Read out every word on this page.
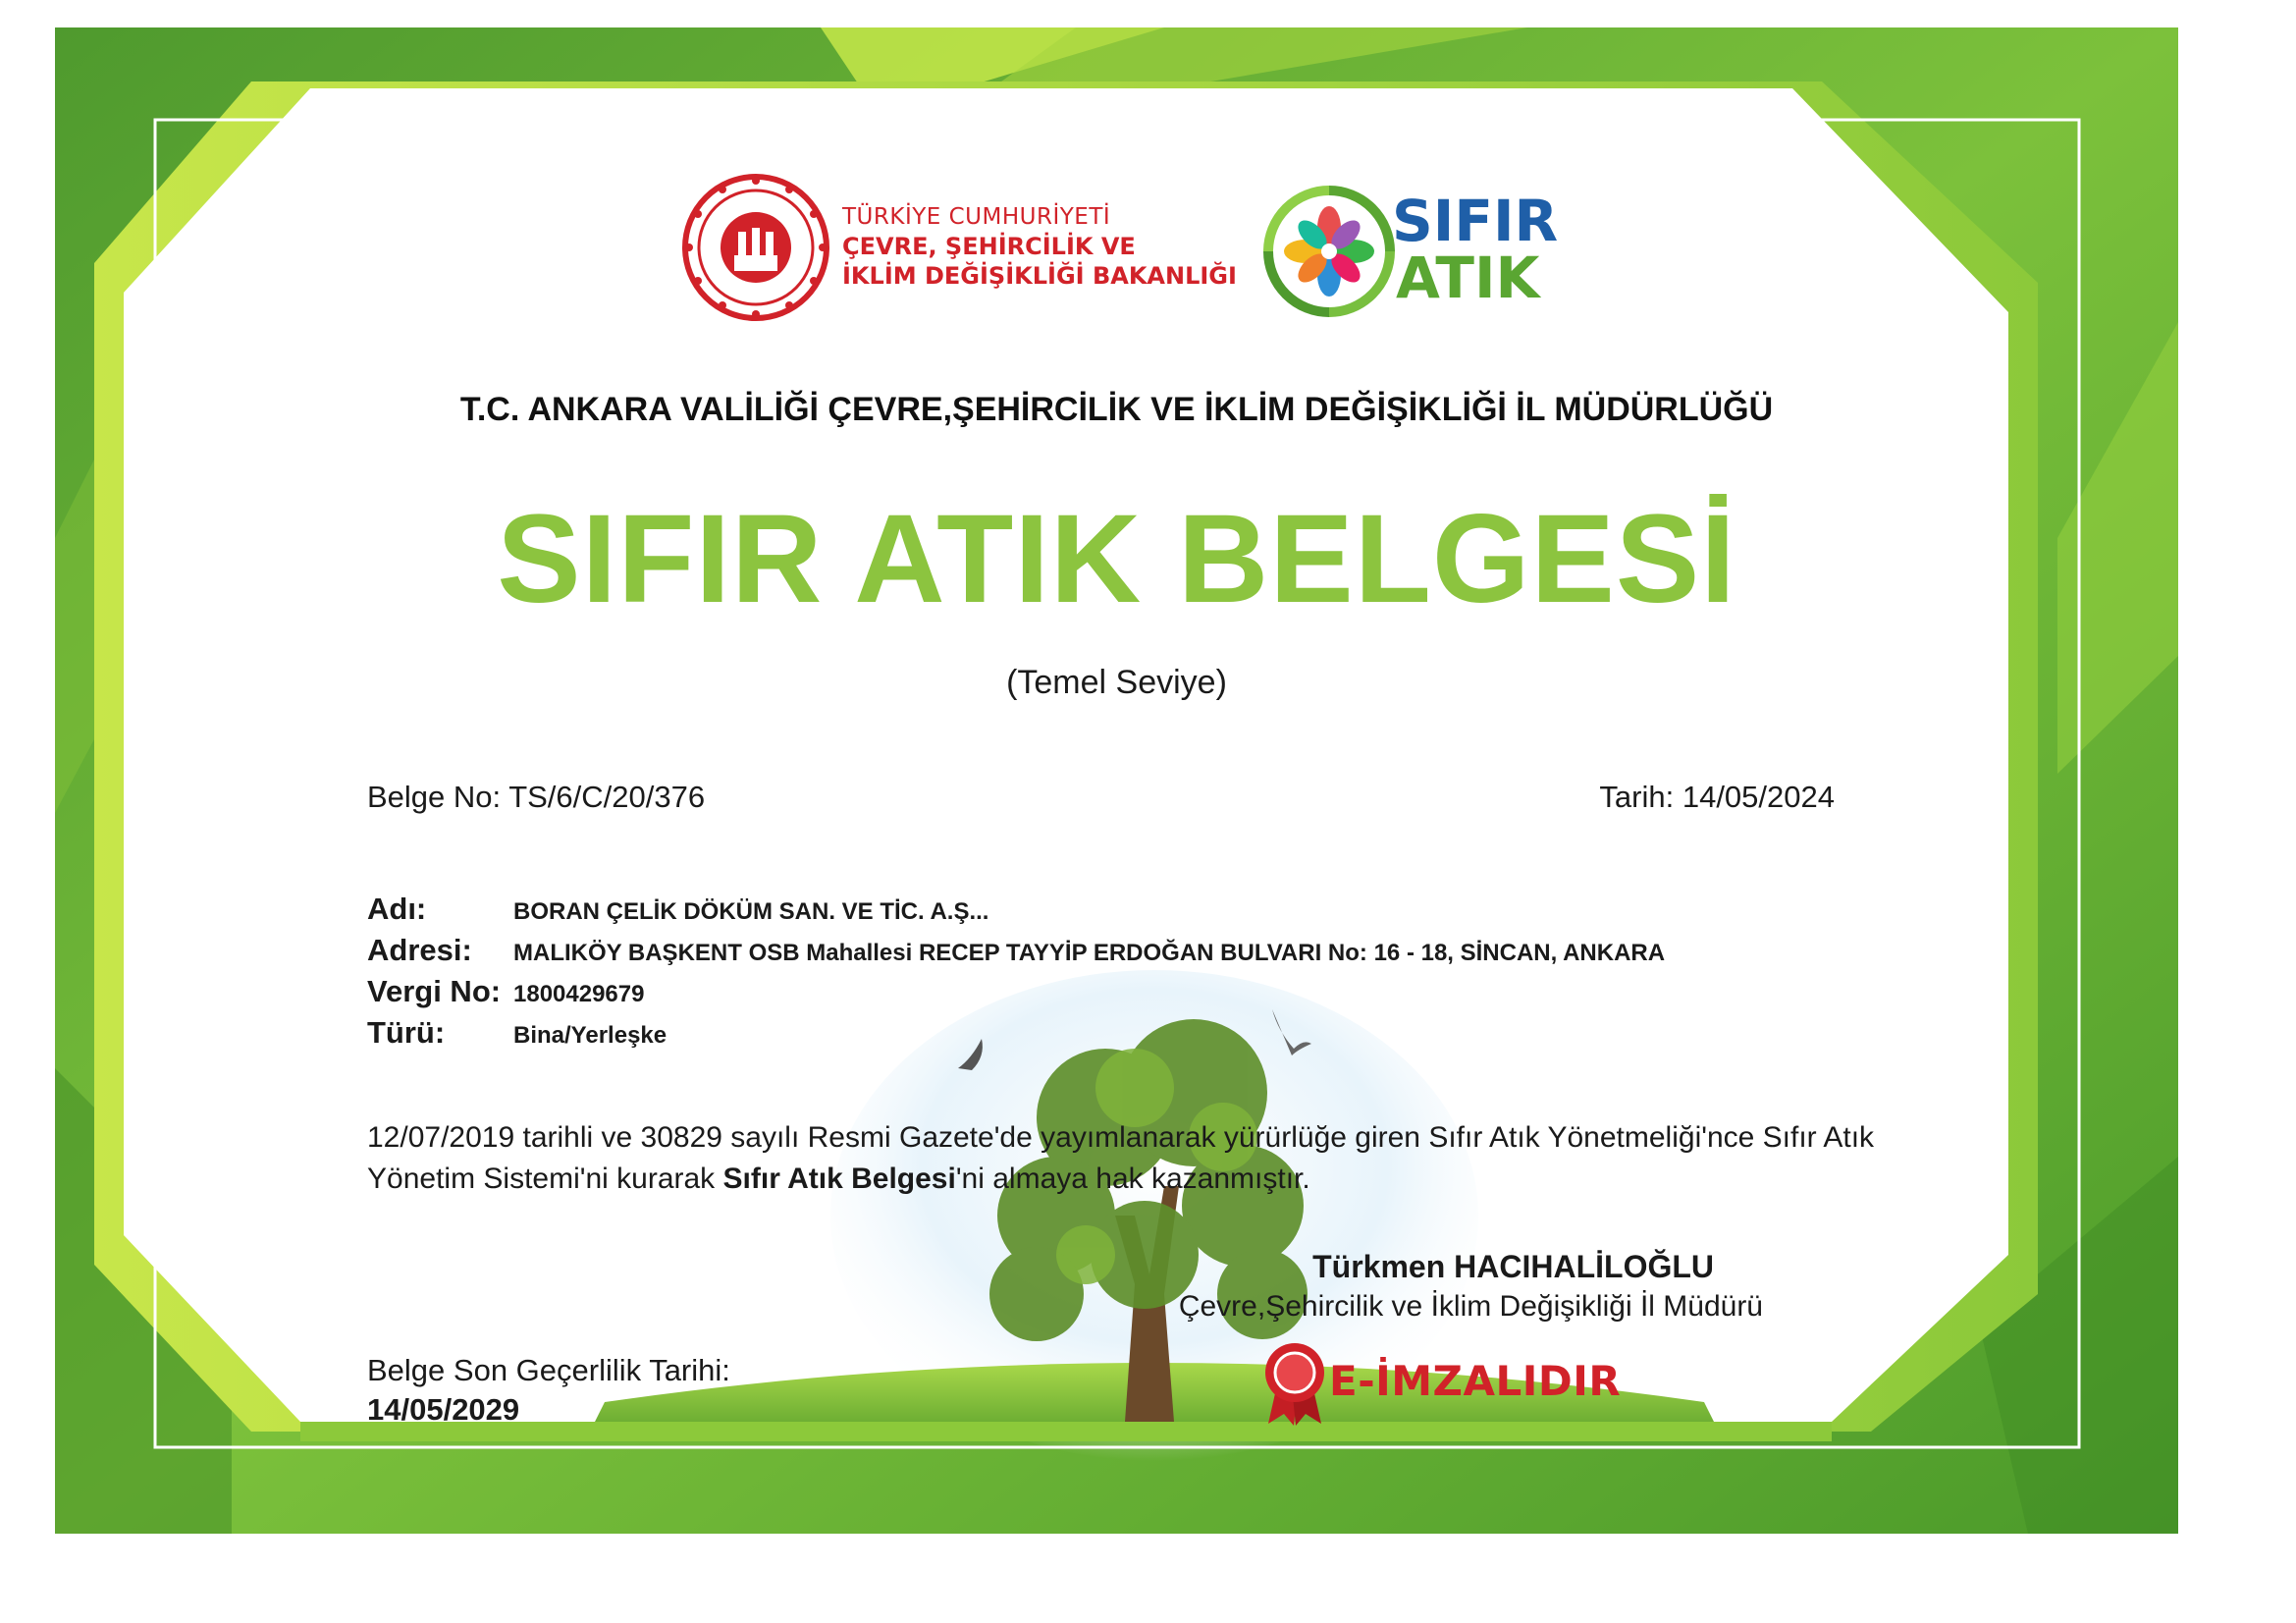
TÜRKİYE CUMHURİYETİ
ÇEVRE, ŞEHİRCİLİK VE
İKLİM DEĞİŞİKLİĞİ BAKANLIĞI
SIFIR
ATIK
T.C. ANKARA VALİLİĞİ ÇEVRE,ŞEHİRCİLİK VE İKLİM DEĞİŞİKLİĞİ İL MÜDÜRLÜĞÜ
SIFIR ATIK BELGESİ
(Temel Seviye)
Belge No: TS/6/C/20/376	Tarih: 14/05/2024
Adı:	BORAN ÇELİK DÖKÜM SAN. VE TİC. A.Ş...
Adresi: MALIKÖY BAŞKENT OSB Mahallesi RECEP TAYYİP ERDOĞAN BULVARI No: 16 - 18, SİNCAN, ANKARA
Vergi No: 1800429679
Türü:	Bina/Yerleşke
12/07/2019 tarihli ve 30829 sayılı Resmi Gazete'de yayımlanarak yürürlüğe giren Sıfır Atık Yönetmeliği'nce Sıfır Atık Yönetim Sistemi'ni kurarak Sıfır Atık Belgesi'ni almaya hak kazanmıştır.
Türkmen HACIHALİLOĞLU
Çevre,Şehircilik ve İklim Değişikliği İl Müdürü
Belge Son Geçerlilik Tarihi:
14/05/2029
E-İMZALIDIR
